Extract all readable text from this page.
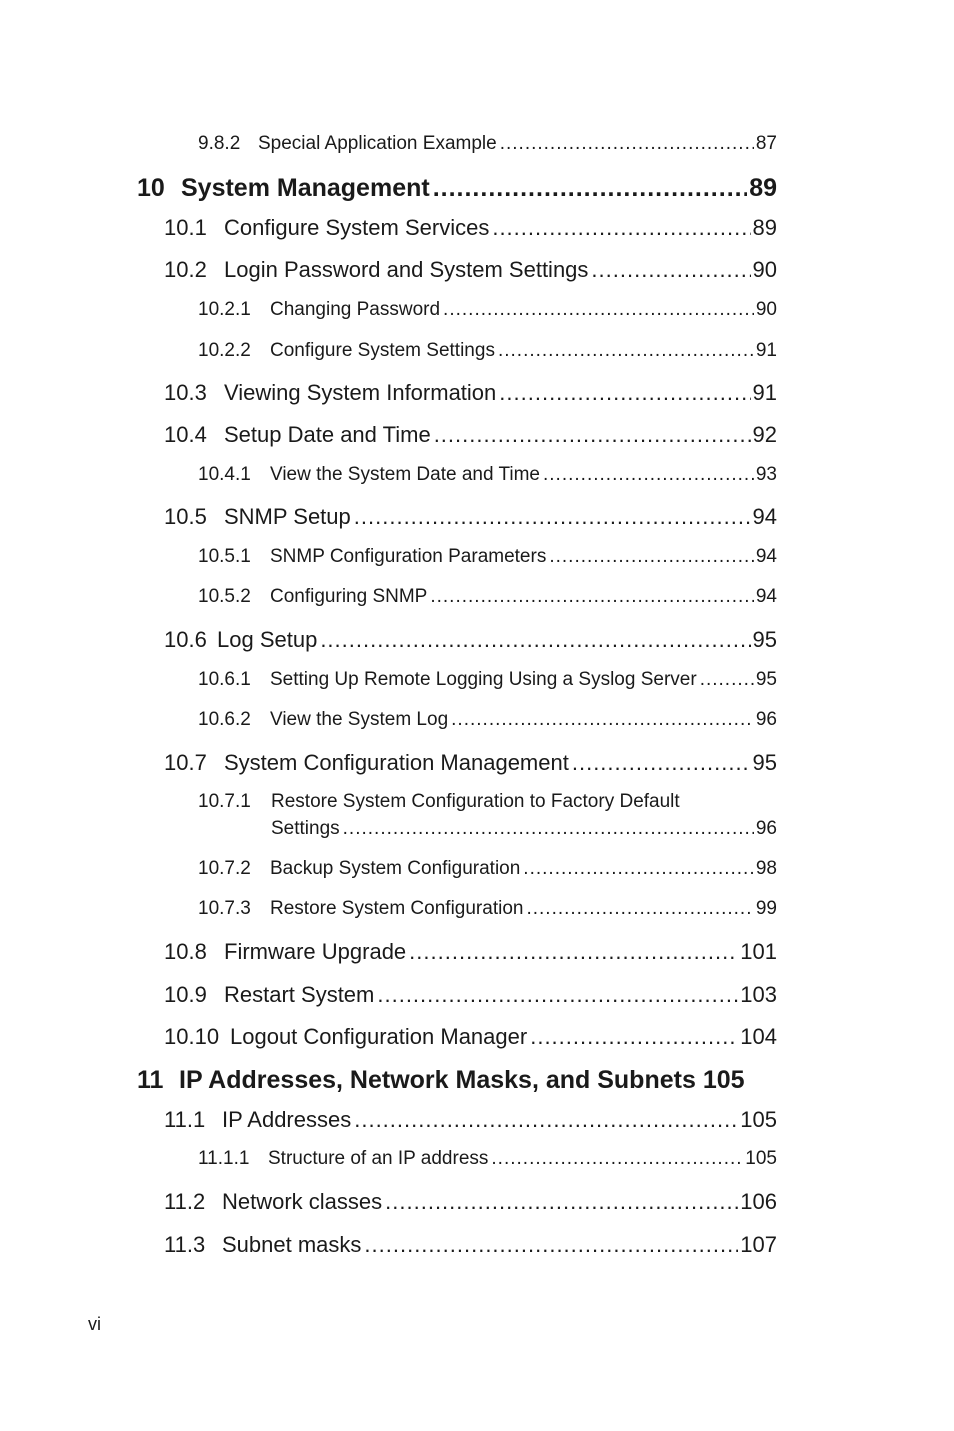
9.8.2 Special Application Example .....	87
10 System Management .....	89
10.1 Configure System Services .....	89
10.2 Login Password and System Settings .....	90
10.2.1	Changing Password .....	90
10.2.2	Configure System Settings .....	91
10.3 Viewing System Information .....	91
10.4 Setup Date and Time .....	92
10.4.1	View the System Date and Time .....	93
10.5 SNMP Setup .....	94
10.5.1	SNMP Configuration Parameters .....	94
10.5.2	Configuring SNMP .....	94
10.6 Log Setup .....	95
10.6.1	Setting Up Remote Logging Using a Syslog Server .....	95
10.6.2	View the System Log .....	96
10.7 System Configuration Management .....	95
10.7.1 Restore System Configuration to Factory Default
Settings .....	96
10.7.2	Backup System Configuration .....	98
10.7.3	Restore System Configuration .....	99
10.8 Firmware Upgrade .....	101
10.9 Restart System .....	103
10.10 Logout Configuration Manager .....	104
11 IP Addresses, Network Masks, and Subnets 105
11.1 IP Addresses .....	105
11.1.1 Structure of an IP address .....	105
11.2 Network classes .....	106
11.3 Subnet masks .....	107
vi
